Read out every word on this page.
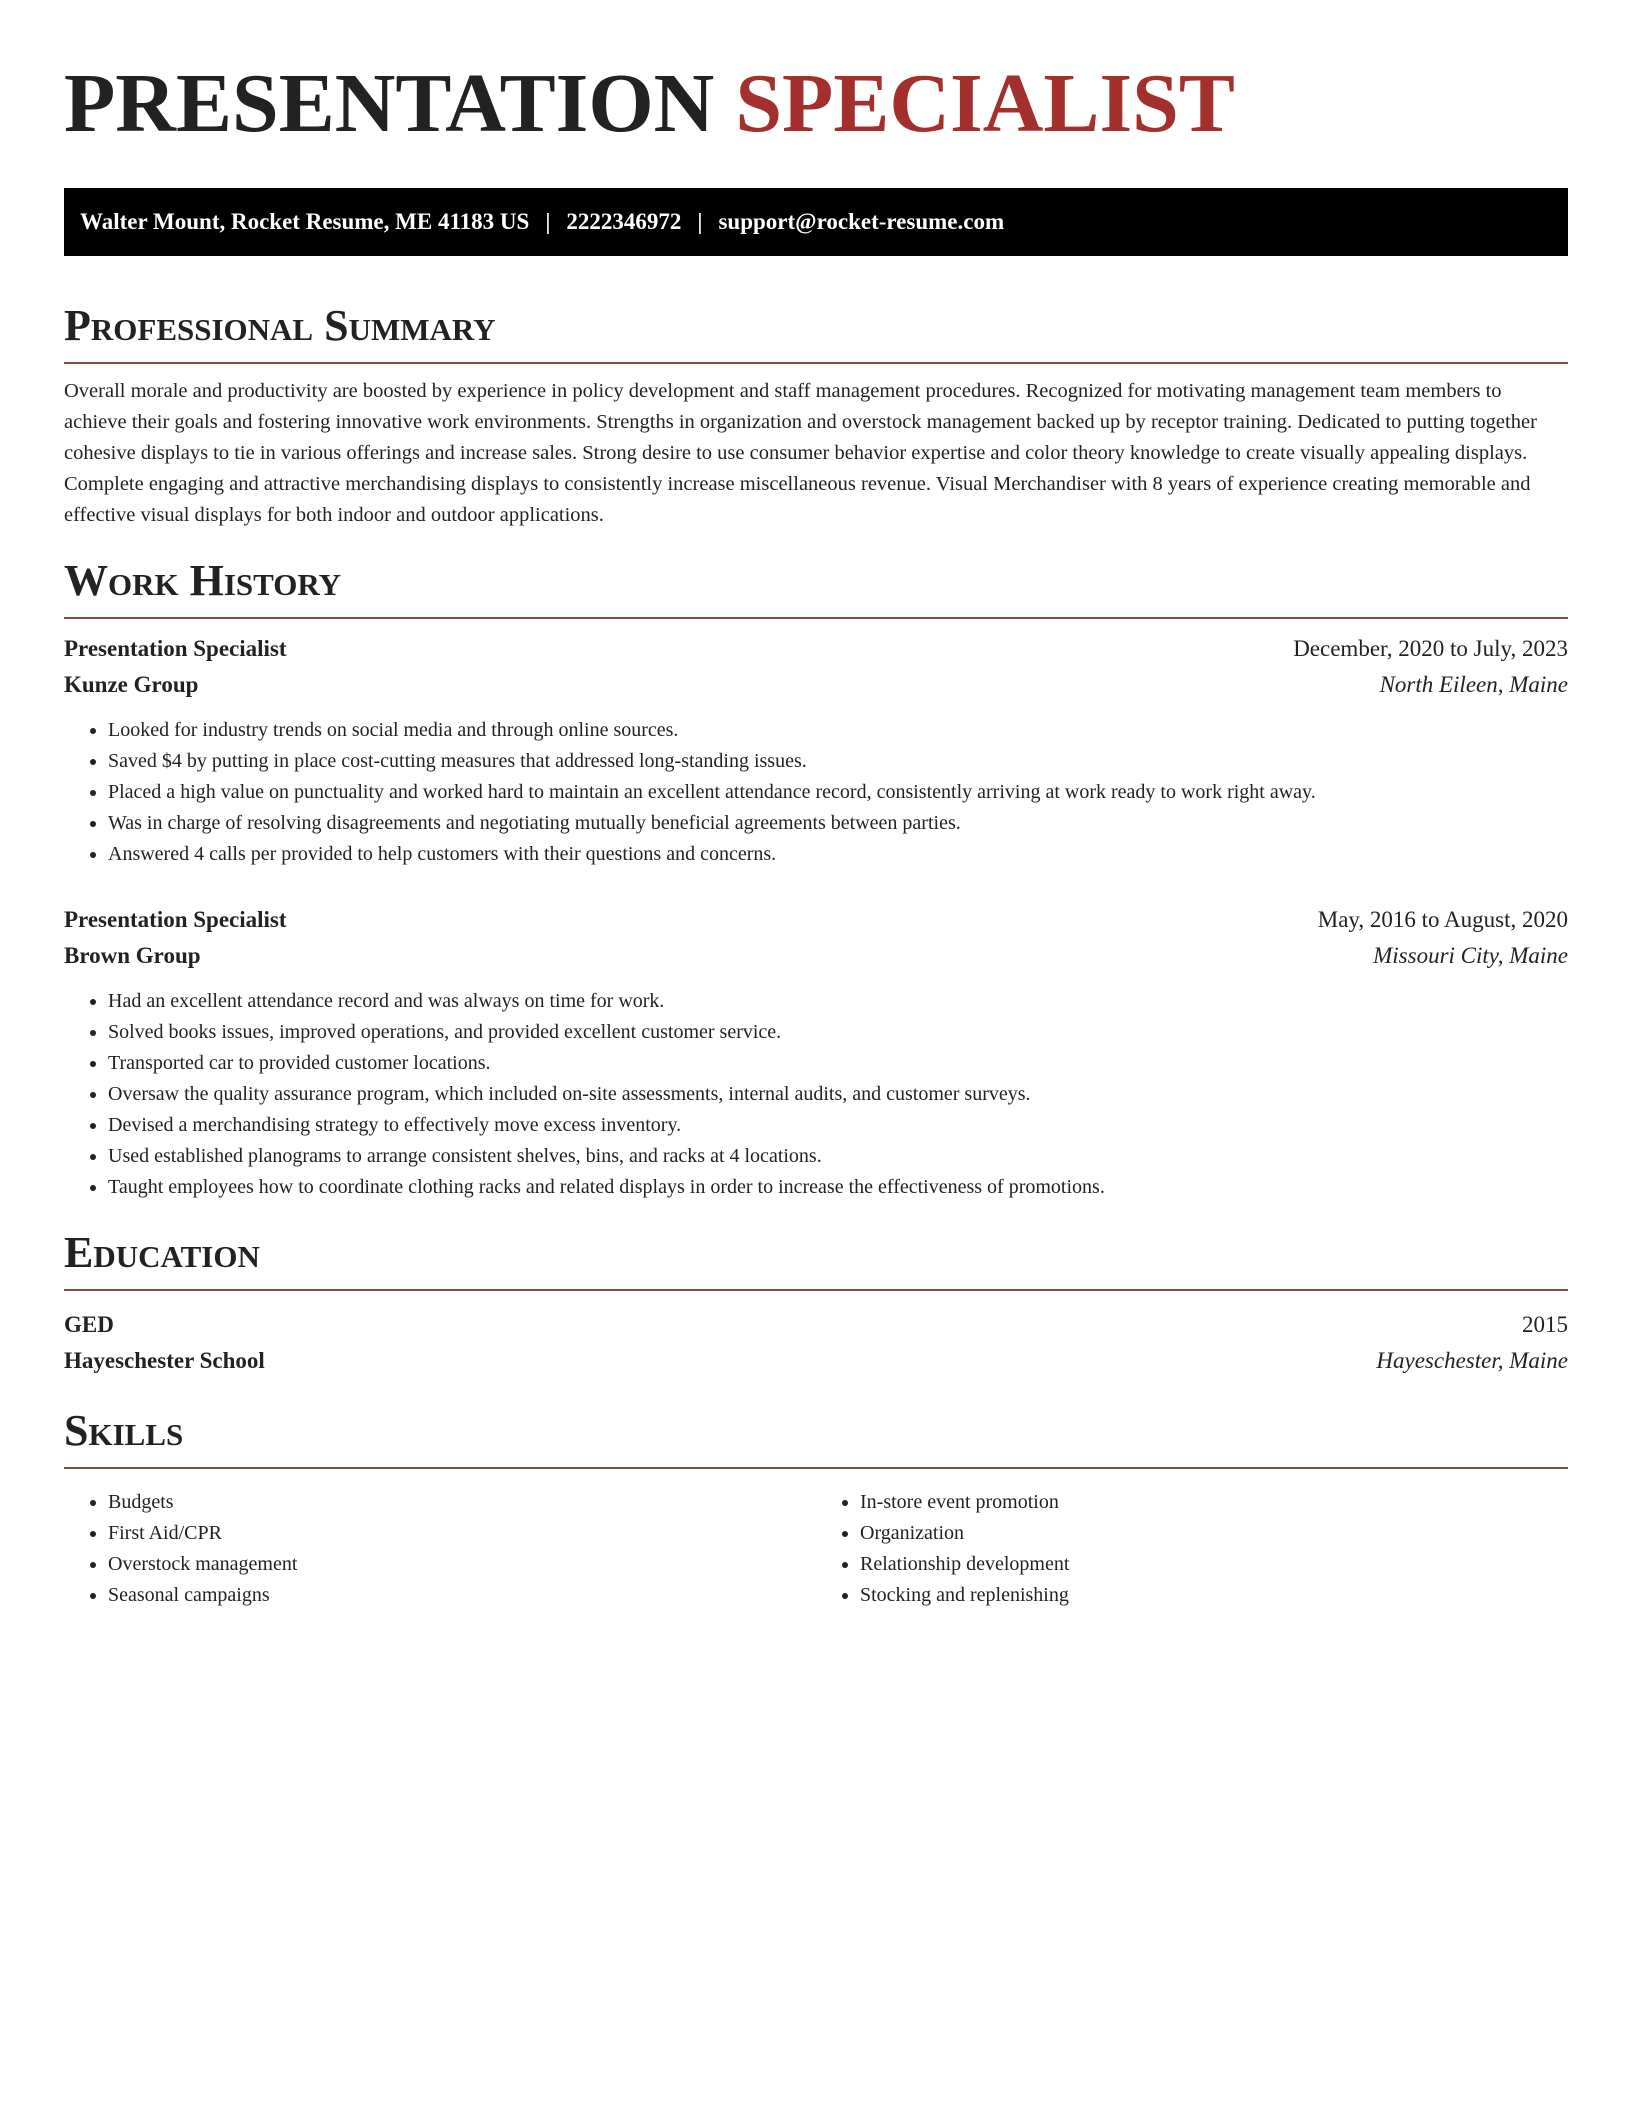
PRESENTATION SPECIALIST
Walter Mount, Rocket Resume, ME 41183 US | 2222346972 | support@rocket-resume.com
Professional Summary

Overall morale and productivity are boosted by experience in policy development and staff management procedures. Recognized for motivating management team members to achieve their goals and fostering innovative work environments. Strengths in organization and overstock management backed up by receptor training. Dedicated to putting together cohesive displays to tie in various offerings and increase sales. Strong desire to use consumer behavior expertise and color theory knowledge to create visually appealing displays. Complete engaging and attractive merchandising displays to consistently increase miscellaneous revenue. Visual Merchandiser with 8 years of experience creating memorable and effective visual displays for both indoor and outdoor applications.

Work History
Presentation Specialist	December, 2020 to July, 2023
Kunze Group	North Eileen, Maine
• Looked for industry trends on social media and through online sources.
• Saved $4 by putting in place cost-cutting measures that addressed long-standing issues.
• Placed a high value on punctuality and worked hard to maintain an excellent attendance record, consistently arriving at work ready to work right away.
• Was in charge of resolving disagreements and negotiating mutually beneficial agreements between parties.
• Answered 4 calls per provided to help customers with their questions and concerns.
Presentation Specialist	May, 2016 to August, 2020
Brown Group	Missouri City, Maine
• Had an excellent attendance record and was always on time for work.
• Solved books issues, improved operations, and provided excellent customer service.
• Transported car to provided customer locations.
• Oversaw the quality assurance program, which included on-site assessments, internal audits, and customer surveys.
• Devised a merchandising strategy to effectively move excess inventory.
• Used established planograms to arrange consistent shelves, bins, and racks at 4 locations.
• Taught employees how to coordinate clothing racks and related displays in order to increase the effectiveness of promotions.
Education
GED	2015
Hayeschester School	Hayeschester, Maine
Skills
• Budgets
• First Aid/CPR
• Overstock management
• Seasonal campaigns
• In-store event promotion
• Organization
• Relationship development
• Stocking and replenishing
